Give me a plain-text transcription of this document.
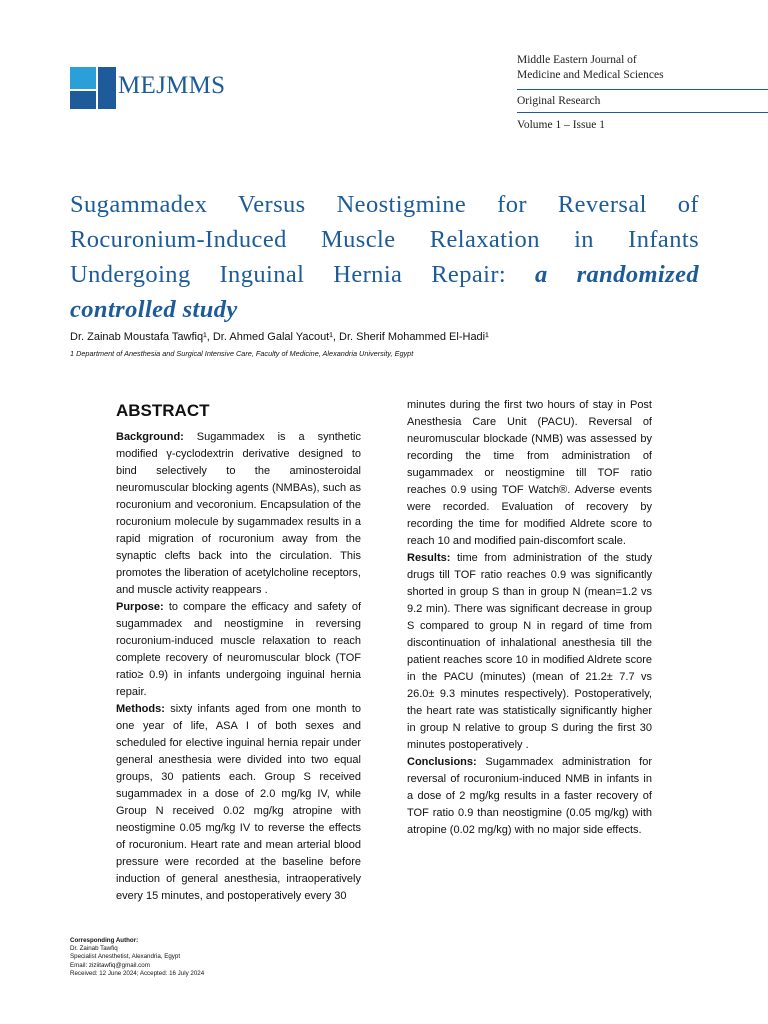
MEJMMS

Middle Eastern Journal of
Medicine and Medical Sciences

Original Research

Volume 1 – Issue 1

Sugammadex Versus Neostigmine for Reversal of Rocuronium-Induced Muscle Relaxation in Infants Undergoing Inguinal Hernia Repair: a randomized controlled study

Dr. Zainab Moustafa Tawfiq¹, Dr. Ahmed Galal Yacout¹, Dr. Sherif Mohammed El-Hadi¹

1 Department of Anesthesia and Surgical Intensive Care, Faculty of Medicine, Alexandria University, Egypt

ABSTRACT

Background: Sugammadex is a synthetic modified γ-cyclodextrin derivative designed to bind selectively to the aminosteroidal neuromuscular blocking agents (NMBAs), such as rocuronium and vecoronium. Encapsulation of the rocuronium molecule by sugammadex results in a rapid migration of rocuronium away from the synaptic clefts back into the circulation. This promotes the liberation of acetylcholine receptors, and muscle activity reappears .

Purpose: to compare the efficacy and safety of sugammadex and neostigmine in reversing rocuronium-induced muscle relaxation to reach complete recovery of neuromuscular block (TOF ratio≥ 0.9) in infants undergoing inguinal hernia repair.

Methods: sixty infants aged from one month to one year of life, ASA I of both sexes and scheduled for elective inguinal hernia repair under general anesthesia were divided into two equal groups, 30 patients each. Group S received sugammadex in a dose of 2.0 mg/kg IV, while Group N received 0.02 mg/kg atropine with neostigmine 0.05 mg/kg IV to reverse the effects of rocuronium. Heart rate and mean arterial blood pressure were recorded at the baseline before induction of general anesthesia, intraoperatively every 15 minutes, and postoperatively every 30

minutes during the first two hours of stay in Post Anesthesia Care Unit (PACU). Reversal of neuromuscular blockade (NMB) was assessed by recording the time from administration of sugammadex or neostigmine till TOF ratio reaches 0.9 using TOF Watch®. Adverse events were recorded. Evaluation of recovery by recording the time for modified Aldrete score to reach 10 and modified pain-discomfort scale.

Results: time from administration of the study drugs till TOF ratio reaches 0.9 was significantly shorted in group S than in group N (mean=1.2 vs 9.2 min). There was significant decrease in group S compared to group N in regard of time from discontinuation of inhalational anesthesia till the patient reaches score 10 in modified Aldrete score in the PACU (minutes) (mean of 21.2± 7.7 vs 26.0± 9.3 minutes respectively). Postoperatively, the heart rate was statistically significantly higher in group N relative to group S during the first 30 minutes postoperatively .

Conclusions: Sugammadex administration for reversal of rocuronium-induced NMB in infants in a dose of 2 mg/kg results in a faster recovery of TOF ratio 0.9 than neostigmine (0.05 mg/kg) with atropine (0.02 mg/kg) with no major side effects.

Corresponding Author:

Dr. Zainab Tawfiq

Specialist Anesthetist, Alexandria, Egypt

Email: ziziitawfiq@gmail.com

Received: 12 June 2024; Accepted: 16 July 2024
